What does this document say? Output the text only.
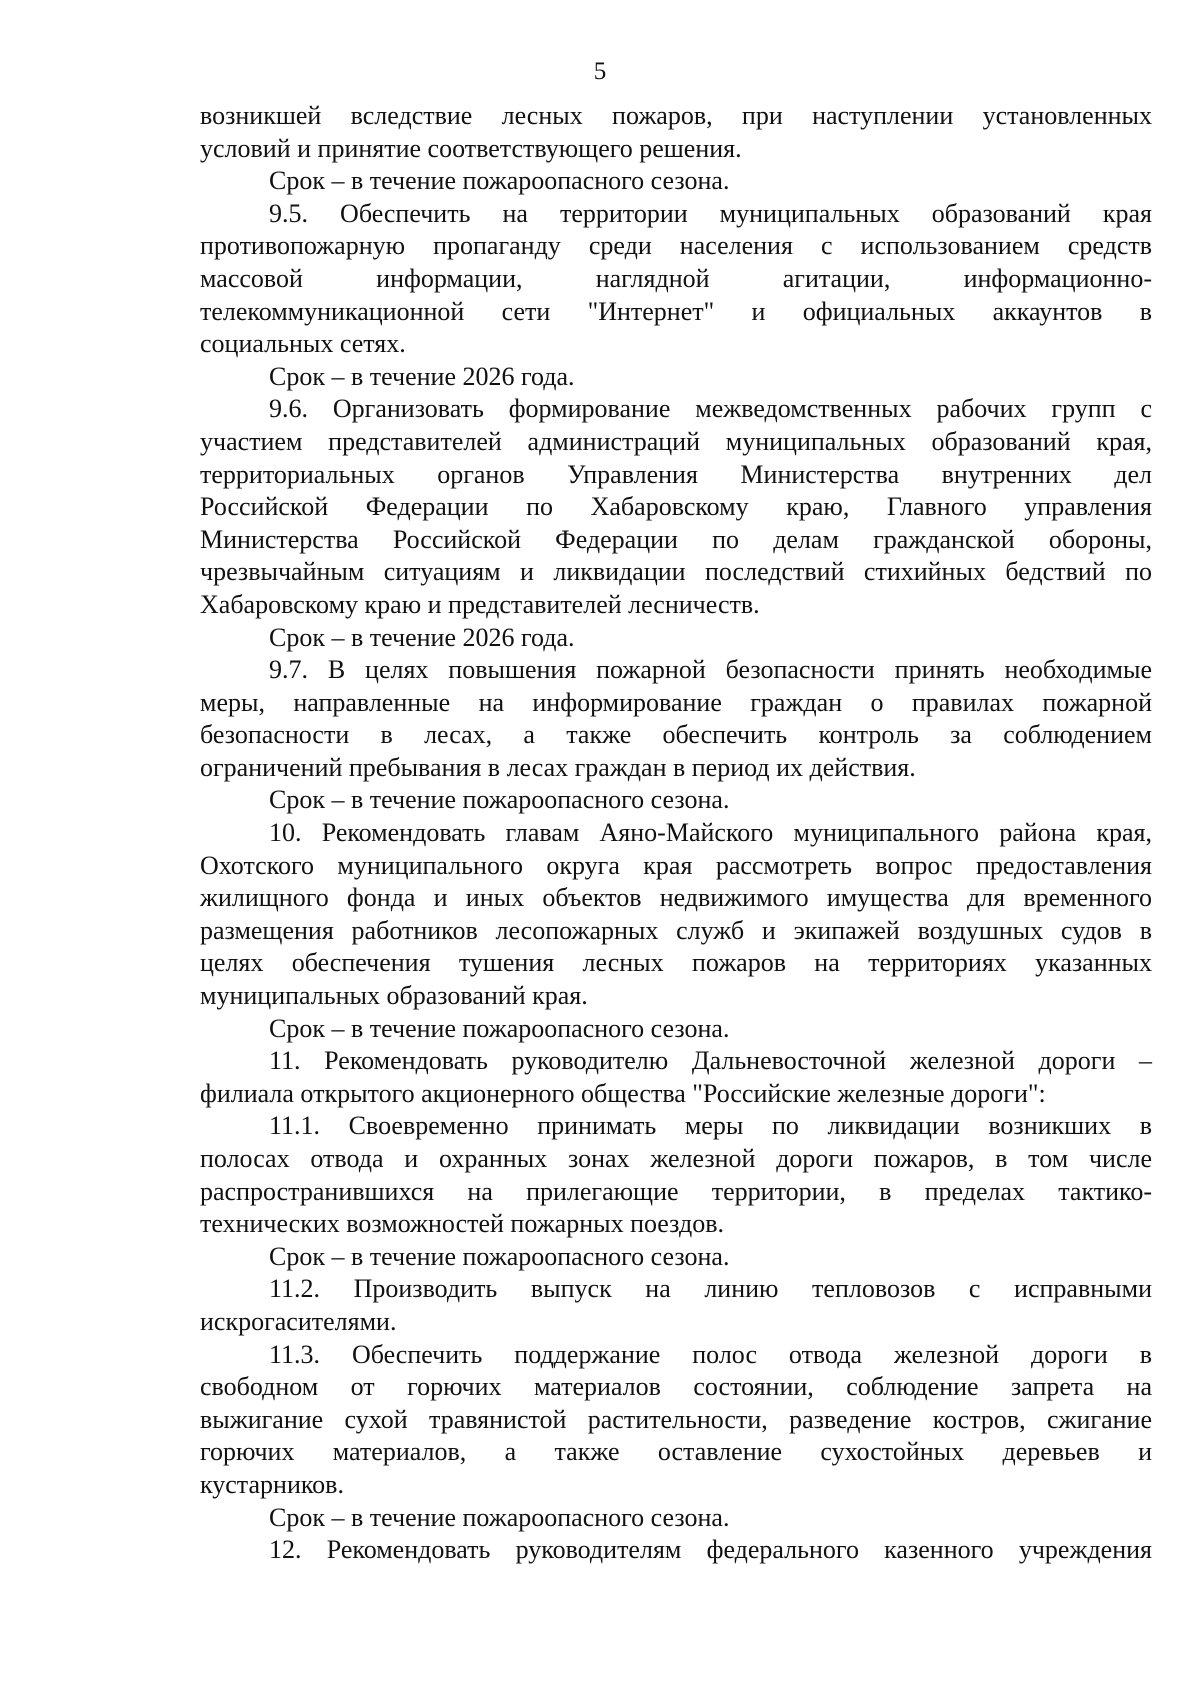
5
возникшей вследствие лесных пожаров, при наступлении установленных
условий и принятие соответствующего решения.
Срок – в течение пожароопасного сезона.
9.5. Обеспечить на территории муниципальных образований края
противопожарную пропаганду среди населения с использованием средств
массовой информации, наглядной агитации, информационно-
телекоммуникационной сети "Интернет" и официальных аккаунтов в
социальных сетях.
Срок – в течение 2026 года.
9.6. Организовать формирование межведомственных рабочих групп с
участием представителей администраций муниципальных образований края,
территориальных органов Управления Министерства внутренних дел
Российской Федерации по Хабаровскому краю, Главного управления
Министерства Российской Федерации по делам гражданской обороны,
чрезвычайным ситуациям и ликвидации последствий стихийных бедствий по
Хабаровскому краю и представителей лесничеств.
Срок – в течение 2026 года.
9.7. В целях повышения пожарной безопасности принять необходимые
меры, направленные на информирование граждан о правилах пожарной
безопасности в лесах, а также обеспечить контроль за соблюдением
ограничений пребывания в лесах граждан в период их действия.
Срок – в течение пожароопасного сезона.
10. Рекомендовать главам Аяно-Майского муниципального района края,
Охотского муниципального округа края рассмотреть вопрос предоставления
жилищного фонда и иных объектов недвижимого имущества для временного
размещения работников лесопожарных служб и экипажей воздушных судов в
целях обеспечения тушения лесных пожаров на территориях указанных
муниципальных образований края.
Срок – в течение пожароопасного сезона.
11. Рекомендовать руководителю Дальневосточной железной дороги –
филиала открытого акционерного общества "Российские железные дороги":
11.1. Своевременно принимать меры по ликвидации возникших в
полосах отвода и охранных зонах железной дороги пожаров, в том числе
распространившихся на прилегающие территории, в пределах тактико-
технических возможностей пожарных поездов.
Срок – в течение пожароопасного сезона.
11.2. Производить выпуск на линию тепловозов с исправными
искрогасителями.
11.3. Обеспечить поддержание полос отвода железной дороги в
свободном от горючих материалов состоянии, соблюдение запрета на
выжигание сухой травянистой растительности, разведение костров, сжигание
горючих материалов, а также оставление сухостойных деревьев и
кустарников.
Срок – в течение пожароопасного сезона.
12. Рекомендовать руководителям федерального казенного учреждения
